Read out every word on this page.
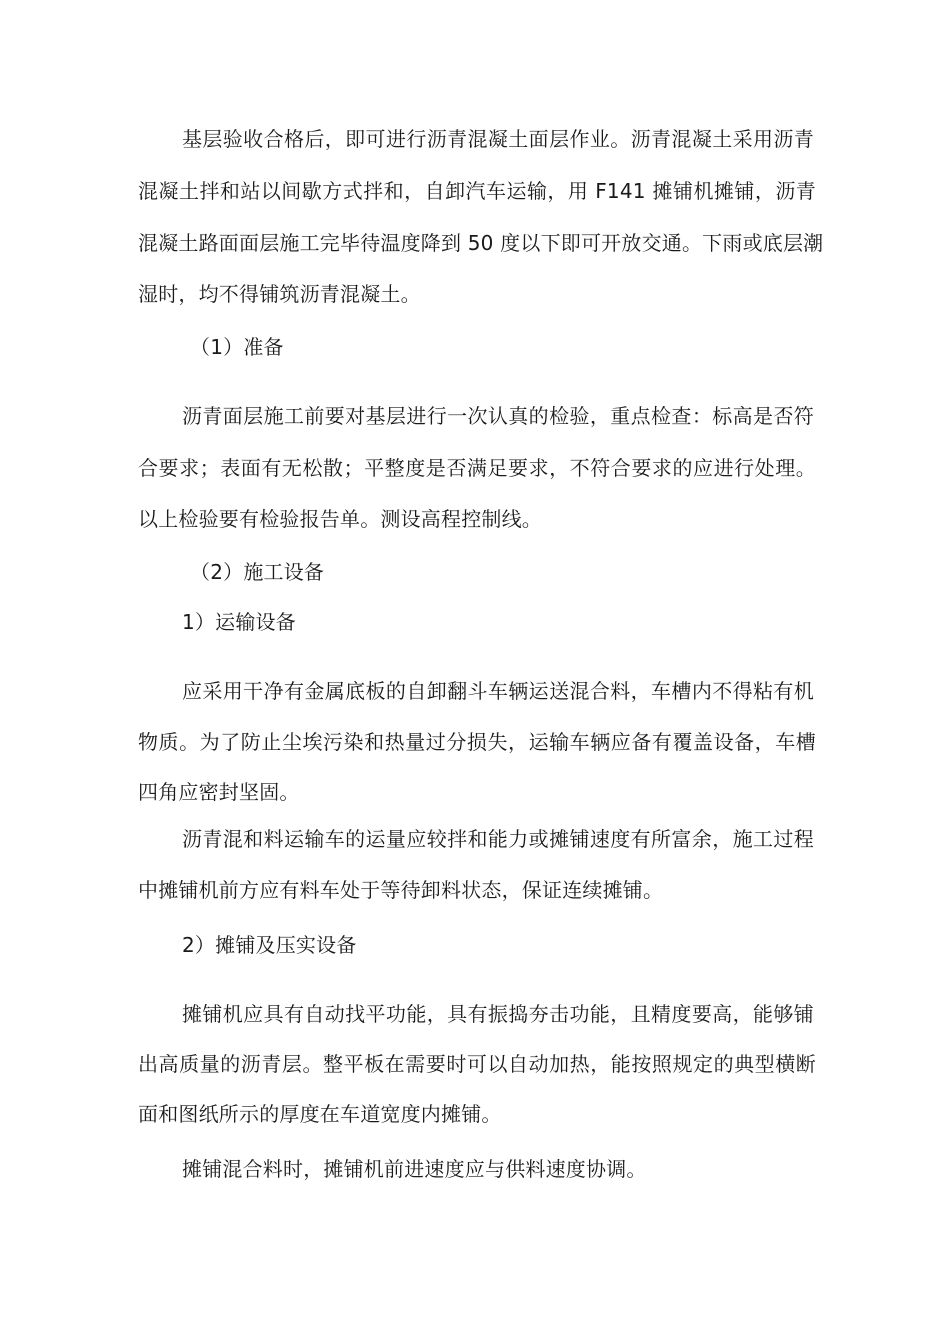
基层验收合格后，即可进行沥青混凝土面层作业。沥青混凝土采用沥青
混凝土拌和站以间歇方式拌和，自卸汽车运输，用 F141 摊铺机摊铺，沥青
混凝土路面面层施工完毕待温度降到 50 度以下即可开放交通。下雨或底层潮
湿时，均不得铺筑沥青混凝土。
（1）准备
沥青面层施工前要对基层进行一次认真的检验，重点检查：标高是否符
合要求；表面有无松散；平整度是否满足要求，不符合要求的应进行处理。
以上检验要有检验报告单。测设高程控制线。
（2）施工设备
1）运输设备
应采用干净有金属底板的自卸翻斗车辆运送混合料，车槽内不得粘有机
物质。为了防止尘埃污染和热量过分损失，运输车辆应备有覆盖设备，车槽
四角应密封坚固。
沥青混和料运输车的运量应较拌和能力或摊铺速度有所富余，施工过程
中摊铺机前方应有料车处于等待卸料状态，保证连续摊铺。
2）摊铺及压实设备
摊铺机应具有自动找平功能，具有振捣夯击功能，且精度要高，能够铺
出高质量的沥青层。整平板在需要时可以自动加热，能按照规定的典型横断
面和图纸所示的厚度在车道宽度内摊铺。
摊铺混合料时，摊铺机前进速度应与供料速度协调。
